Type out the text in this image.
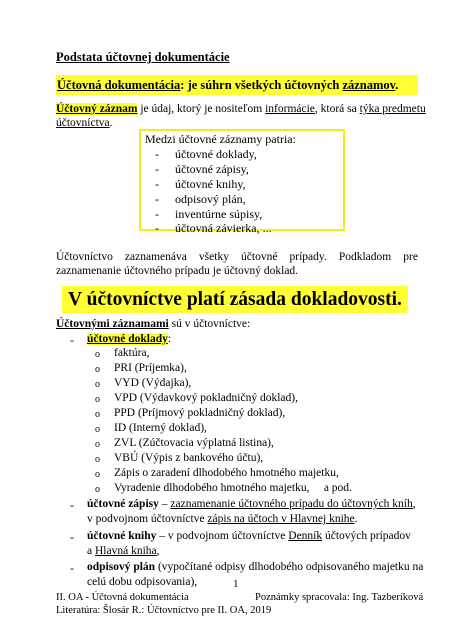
Podstata účtovnej dokumentácie
Účtovná dokumentácia: je súhrn všetkých účtovných záznamov.
Účtovný záznam je údaj, ktorý je nositeľom informácie, ktorá sa týka predmetu
účtovníctva.
Medzi účtovné záznamy patria:
- účtovné doklady,
- účtovné zápisy,
- účtovné knihy,
- odpisový plán,
- inventúrne súpisy,
- účtovná závierka, ...
Účtovníctvo zaznamenáva všetky účtovné prípady. Podkladom pre
zaznamenanie účtovného prípadu je účtovný doklad.
V účtovníctve platí zásada dokladovosti.
Účtovnými záznamami sú v účtovníctve:
- účtovné doklady:
o faktúra,
o PRI (Príjemka),
o VYD (Výdajka),
o VPD (Výdavkový pokladničný doklad),
o PPD (Príjmový pokladničný doklad),
o ID (Interný doklad),
o ZVL (Zúčtovacia výplatná listina),
o VBÚ (Výpis z bankového účtu),
o Zápis o zaradení dlhodobého hmotného majetku,
o Vyradenie dlhodobého hmotného majetku,     a pod.
- účtovné zápisy – zaznamenanie účtovného prípadu do účtovných kníh,
v podvojnom účtovníctve zápis na účtoch v Hlavnej knihe.
- účtovné knihy – v podvojnom účtovníctve Denník účtových prípadov
a Hlavná kniha,
- odpisový plán (vypočítané odpisy dlhodobého odpisovaného majetku na
celú dobu odpisovania),	1
II. OA - Účtovná dokumentácia	Poznámky spracovala: Ing. Tazberíková
Literatúra: Šlosár R.: Účtovníctvo pre II. OA, 2019
